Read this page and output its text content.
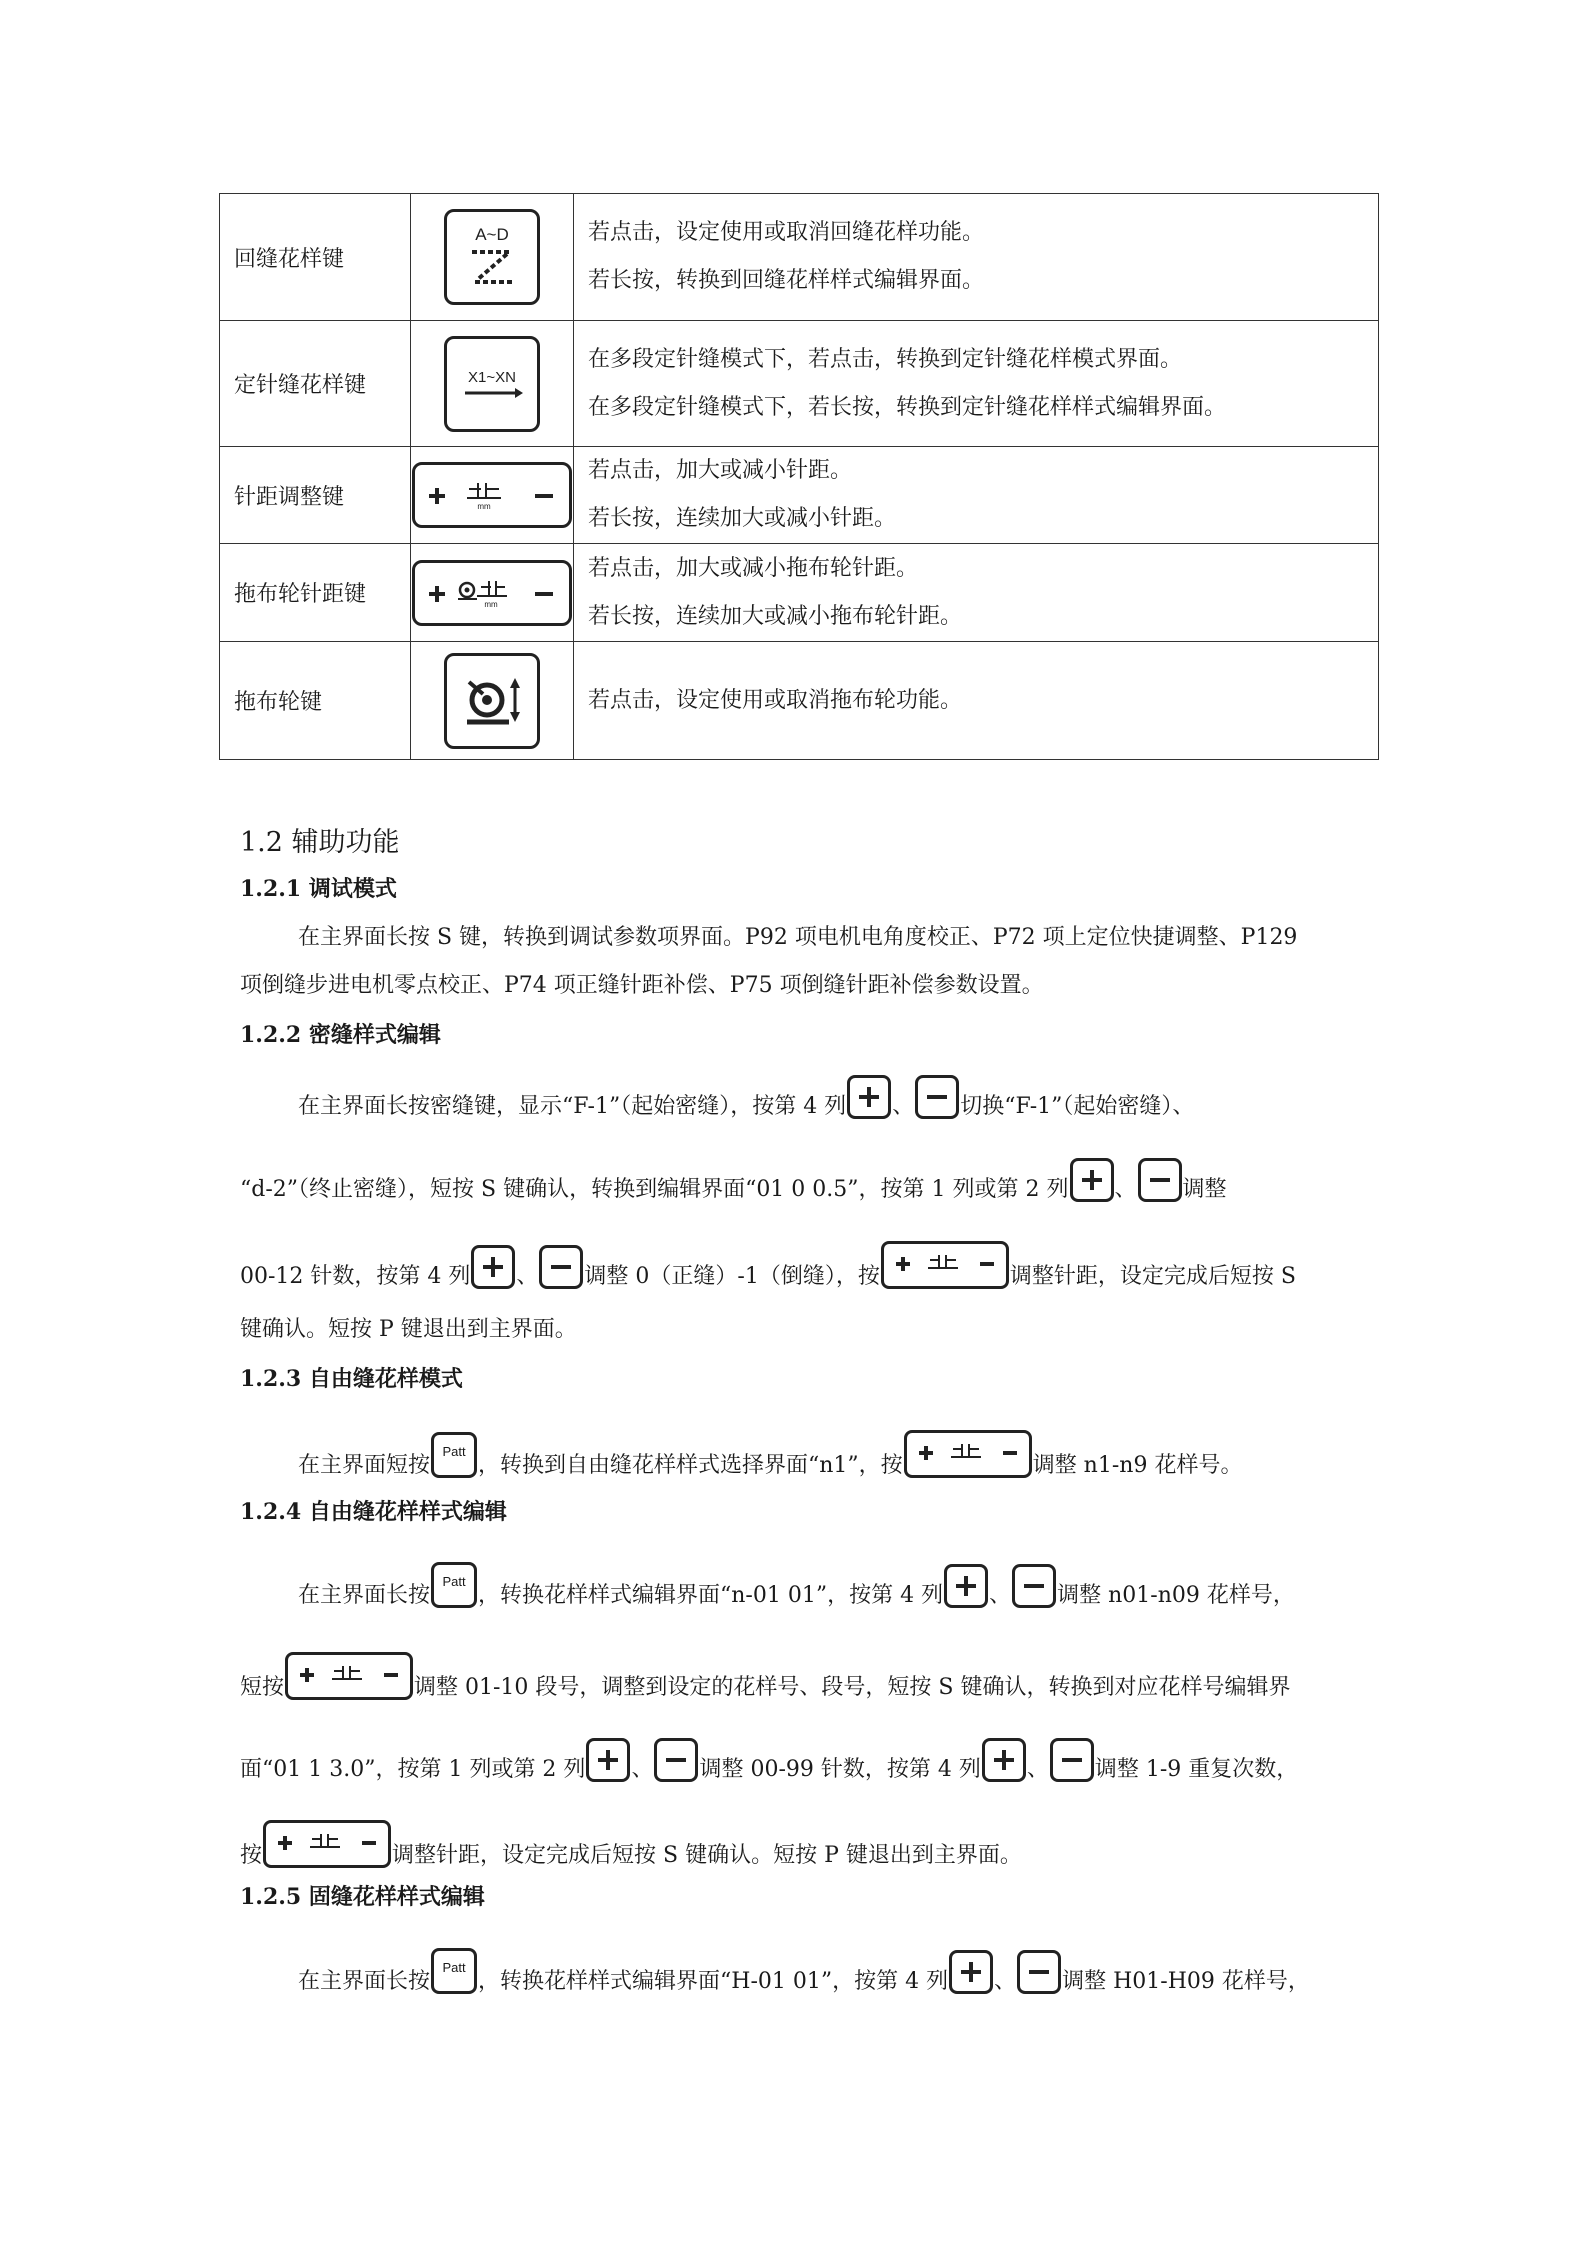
回缝花样键	A~D	若点击，设定使用或取消回缝花样功能。
若长按，转换到回缝花样样式编辑界面。

定针缝花样键	X1~XN	在多段定针缝模式下，若点击，转换到定针缝花样模式界面。
在多段定针缝模式下，若长按，转换到定针缝花样样式编辑界面。

针距调整键	mm	若点击，加大或减小针距。
若长按，连续加大或减小针距。

拖布轮针距键	mm	若点击，加大或减小拖布轮针距。
若长按，连续加大或减小拖布轮针距。

拖布轮键		若点击，设定使用或取消拖布轮功能。
1.2 辅助功能
1.2.1 调试模式
在主界面长按 S 键，转换到调试参数项界面。P92 项电机电角度校正、P72 项上定位快捷调整、P129
项倒缝步进电机零点校正、P74 项正缝针距补偿、P75 项倒缝针距补偿参数设置。
1.2.2 密缝样式编辑
在主界面长按密缝键，显示“F-1”（起始密缝），按第 4 列 、 切换“F-1”（起始密缝）、
“d-2”（终止密缝），短按 S 键确认，转换到编辑界面“01 0 0.5”，按第 1 列或第 2 列 、 调整
00-12 针数，按第 4 列 、 调整 0（正缝）-1（倒缝），按	调整针距，设定完成后短按 S
键确认。短按 P 键退出到主界面。
1.2.3 自由缝花样模式
在主界面短按
Patt
，转换到自由缝花样样式选择界面“n1”，按	调整 n1-n9 花样号。
1.2.4 自由缝花样样式编辑
在主界面长按
Patt
，转换花样样式编辑界面“n-01 01”，按第 4 列 、 调整 n01-n09 花样号，
短按	调整 01-10 段号，调整到设定的花样号、段号，短按 S 键确认，转换到对应花样号编辑界
面“01 1 3.0”，按第 1 列或第 2 列 、 调整 00-99 针数，按第 4 列 、 调整 1-9 重复次数，
按	调整针距，设定完成后短按 S 键确认。短按 P 键退出到主界面。
1.2.5 固缝花样样式编辑
在主界面长按
Patt
，转换花样样式编辑界面“H-01 01”，按第 4 列 、 调整 H01-H09 花样号，
